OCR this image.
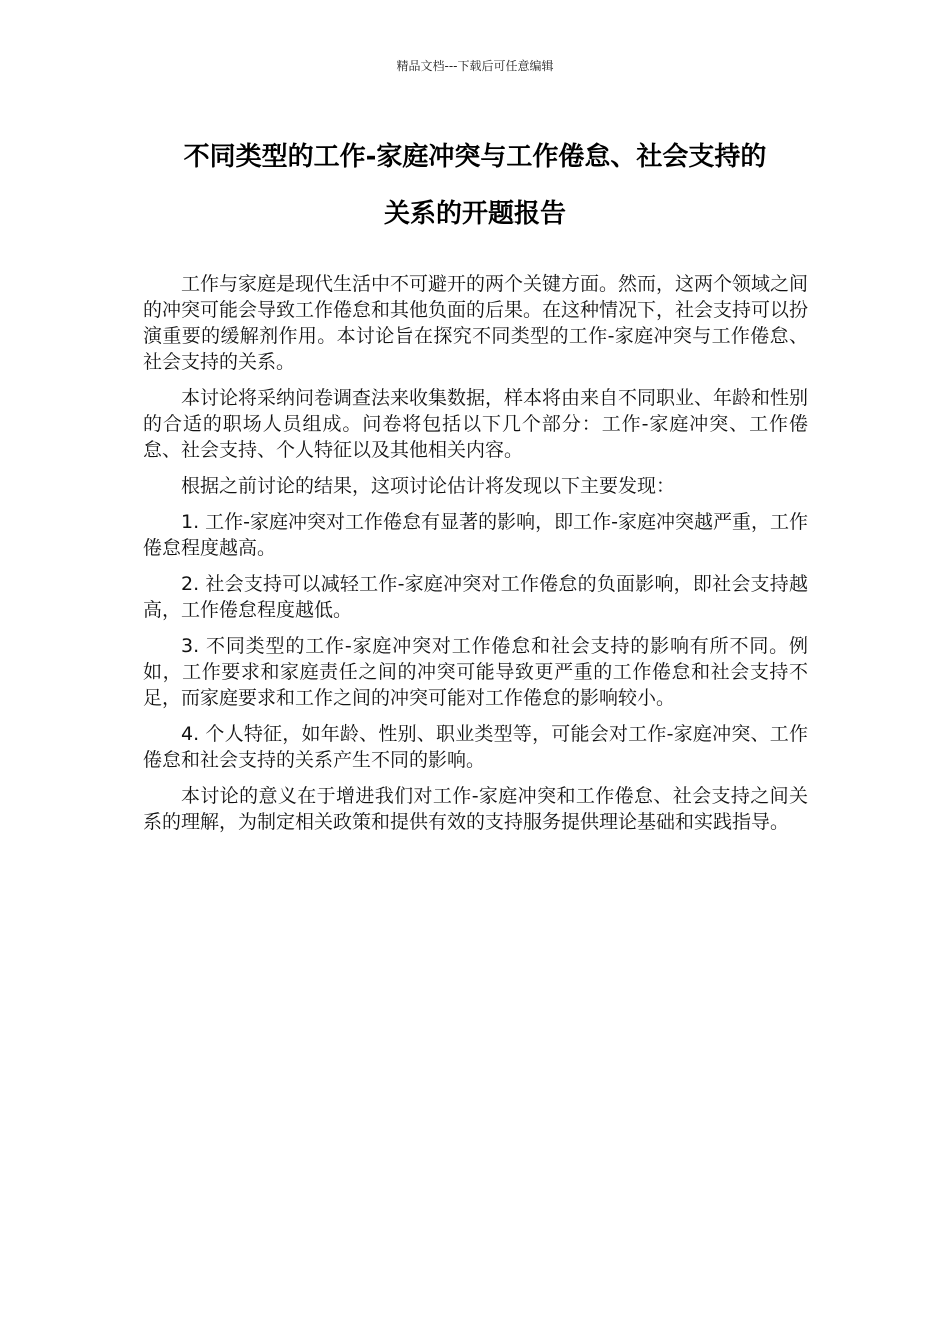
精品文档---下载后可任意编辑
不同类型的工作-家庭冲突与工作倦怠、社会支持的
关系的开题报告

工作与家庭是现代生活中不可避开的两个关键方面。然而，这两个领域之间的冲突可能会导致工作倦怠和其他负面的后果。在这种情况下，社会支持可以扮演重要的缓解剂作用。本讨论旨在探究不同类型的工作-家庭冲突与工作倦怠、社会支持的关系。

本讨论将采纳问卷调查法来收集数据，样本将由来自不同职业、年龄和性别的合适的职场人员组成。问卷将包括以下几个部分：工作-家庭冲突、工作倦怠、社会支持、个人特征以及其他相关内容。

根据之前讨论的结果，这项讨论估计将发现以下主要发现：

1. 工作-家庭冲突对工作倦怠有显著的影响，即工作-家庭冲突越严重，工作倦怠程度越高。

2. 社会支持可以减轻工作-家庭冲突对工作倦怠的负面影响，即社会支持越高，工作倦怠程度越低。

3. 不同类型的工作-家庭冲突对工作倦怠和社会支持的影响有所不同。例如，工作要求和家庭责任之间的冲突可能导致更严重的工作倦怠和社会支持不足，而家庭要求和工作之间的冲突可能对工作倦怠的影响较小。

4. 个人特征，如年龄、性别、职业类型等，可能会对工作-家庭冲突、工作倦怠和社会支持的关系产生不同的影响。

本讨论的意义在于增进我们对工作-家庭冲突和工作倦怠、社会支持之间关系的理解，为制定相关政策和提供有效的支持服务提供理论基础和实践指导。
